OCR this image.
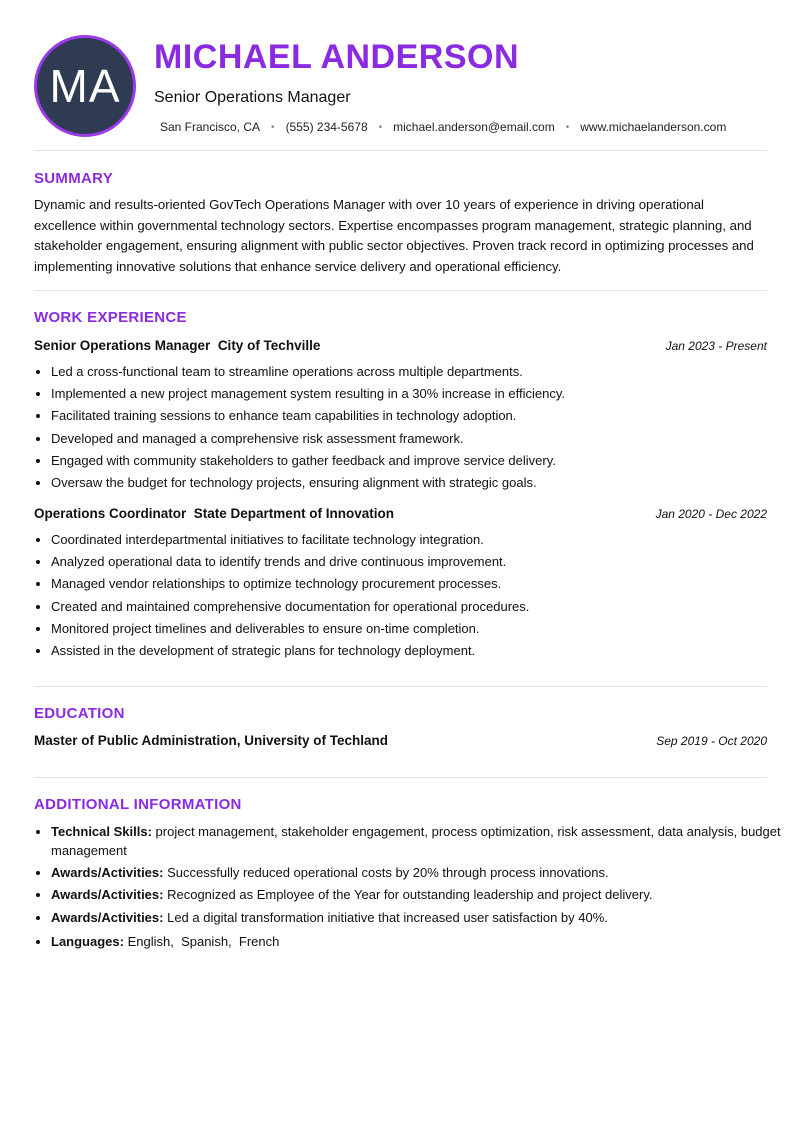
MA
MICHAEL ANDERSON
Senior Operations Manager
San Francisco, CA • (555) 234-5678 • michael.anderson@email.com • www.michaelanderson.com
SUMMARY
Dynamic and results-oriented GovTech Operations Manager with over 10 years of experience in driving operational excellence within governmental technology sectors. Expertise encompasses program management, strategic planning, and stakeholder engagement, ensuring alignment with public sector objectives. Proven track record in optimizing processes and implementing innovative solutions that enhance service delivery and operational efficiency.
WORK EXPERIENCE
Senior Operations Manager City of Techville	Jan 2023 - Present
• Led a cross-functional team to streamline operations across multiple departments.
• Implemented a new project management system resulting in a 30% increase in efficiency.
• Facilitated training sessions to enhance team capabilities in technology adoption.
• Developed and managed a comprehensive risk assessment framework.
• Engaged with community stakeholders to gather feedback and improve service delivery.
• Oversaw the budget for technology projects, ensuring alignment with strategic goals.
Operations Coordinator State Department of Innovation	Jan 2020 - Dec 2022
• Coordinated interdepartmental initiatives to facilitate technology integration.
• Analyzed operational data to identify trends and drive continuous improvement.
• Managed vendor relationships to optimize technology procurement processes.
• Created and maintained comprehensive documentation for operational procedures.
• Monitored project timelines and deliverables to ensure on-time completion.
• Assisted in the development of strategic plans for technology deployment.
EDUCATION
Master of Public Administration, University of Techland	Sep 2019 - Oct 2020
ADDITIONAL INFORMATION
• Technical Skills: project management, stakeholder engagement, process optimization, risk assessment, data analysis, budget management
• Awards/Activities: Successfully reduced operational costs by 20% through process innovations.
• Awards/Activities: Recognized as Employee of the Year for outstanding leadership and project delivery.
• Awards/Activities: Led a digital transformation initiative that increased user satisfaction by 40%.
• Languages: English,  Spanish,  French
